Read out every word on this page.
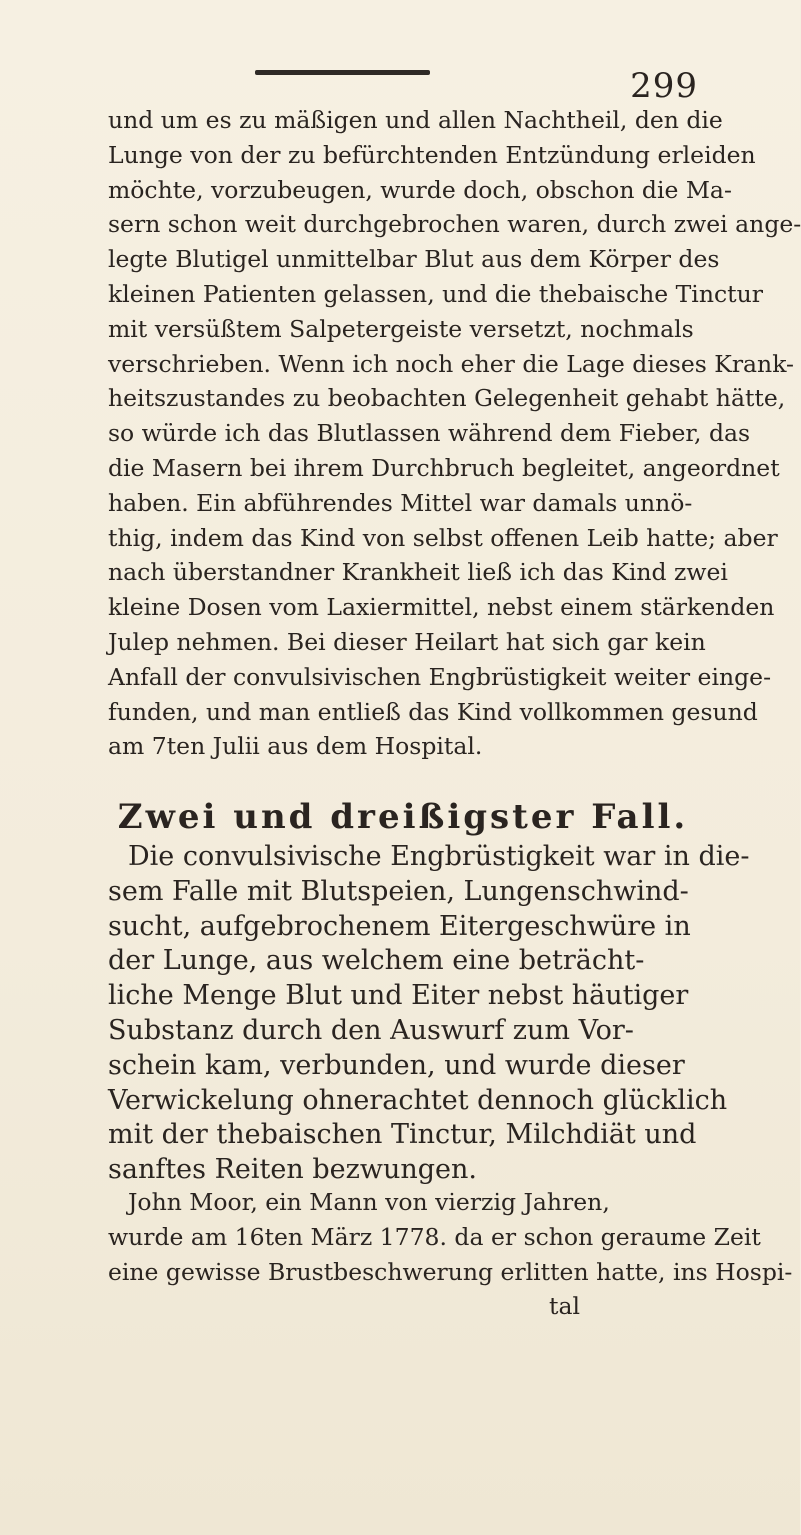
299
und um es zu mäßigen und allen Nachtheil, den die
Lunge von der zu befürchtenden Entzündung erleiden
möchte, vorzubeugen, wurde doch, obschon die Ma-
sern schon weit durchgebrochen waren, durch zwei ange-
legte Blutigel unmittelbar Blut aus dem Körper des
kleinen Patienten gelassen, und die thebaische Tinctur
mit versüßtem Salpetergeiste versetzt, nochmals
verschrieben. Wenn ich noch eher die Lage dieses Krank-
heitszustandes zu beobachten Gelegenheit gehabt hätte,
so würde ich das Blutlassen während dem Fieber, das
die Masern bei ihrem Durchbruch begleitet, angeordnet
haben. Ein abführendes Mittel war damals unnö-
thig, indem das Kind von selbst offenen Leib hatte; aber
nach überstandner Krankheit ließ ich das Kind zwei
kleine Dosen vom Laxiermittel, nebst einem stärkenden
Julep nehmen. Bei dieser Heilart hat sich gar kein
Anfall der convulsivischen Engbrüstigkeit weiter einge-
funden, und man entließ das Kind vollkommen gesund
am 7ten Julii aus dem Hospital.
Zwei und dreißigster Fall.
Die convulsivische Engbrüstigkeit war in die-
sem Falle mit Blutspeien, Lungenschwind-
sucht, aufgebrochenem Eitergeschwüre in
der Lunge, aus welchem eine beträcht-
liche Menge Blut und Eiter nebst häutiger
Substanz durch den Auswurf zum Vor-
schein kam, verbunden, und wurde dieser
Verwickelung ohnerachtet dennoch glücklich
mit der thebaischen Tinctur, Milchdiät und
sanftes Reiten bezwungen.
John Moor, ein Mann von vierzig Jahren,
wurde am 16ten März 1778. da er schon geraume Zeit
eine gewisse Brustbeschwerung erlitten hatte, ins Hospi-
tal
